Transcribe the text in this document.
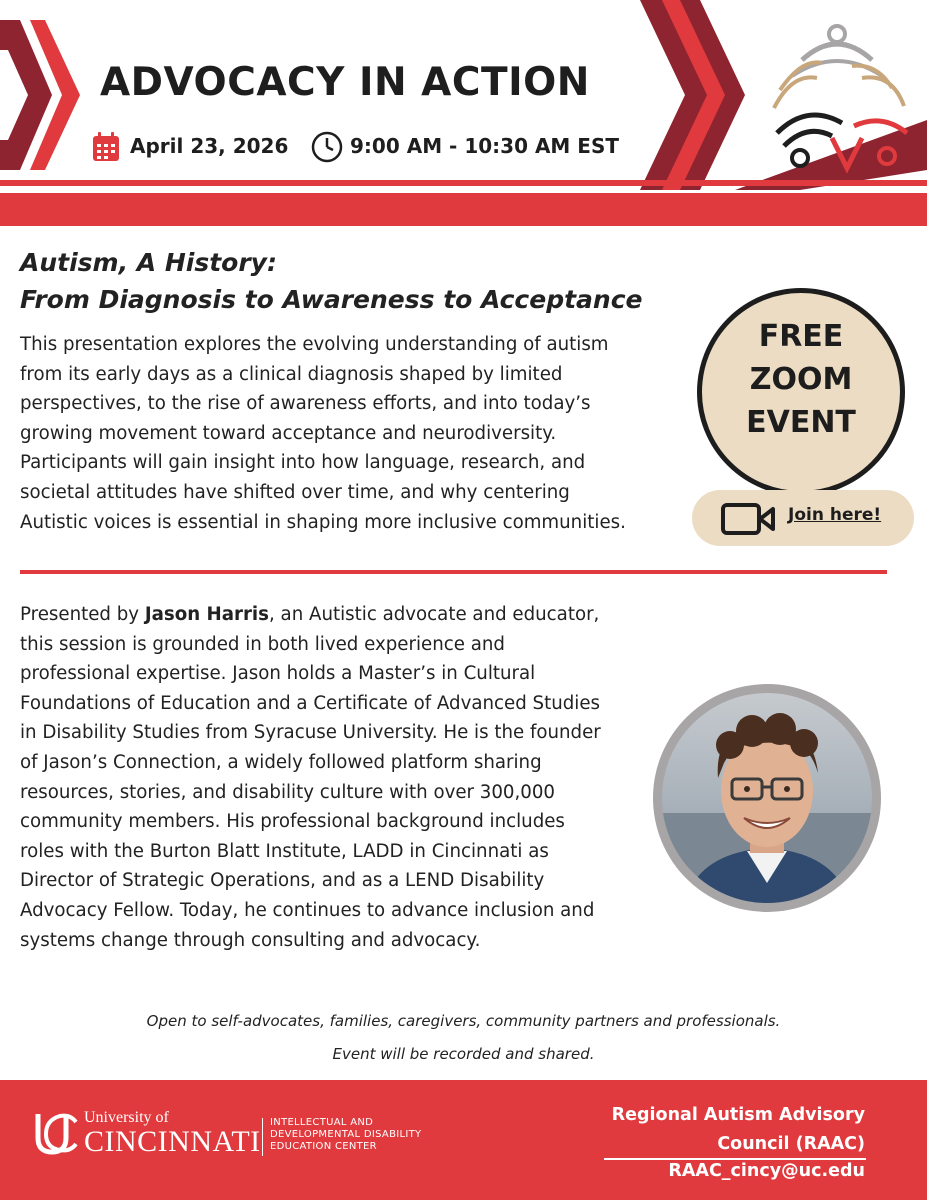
ADVOCACY IN ACTION
April 23, 2026	9:00 AM - 10:30 AM EST
Autism, A History:
From Diagnosis to Awareness to Acceptance
This presentation explores the evolving understanding of autism
from its early days as a clinical diagnosis shaped by limited
perspectives, to the rise of awareness efforts, and into today’s
growing movement toward acceptance and neurodiversity.
Participants will gain insight into how language, research, and
societal attitudes have shifted over time, and why centering
Autistic voices is essential in shaping more inclusive communities.
FREE
ZOOM
EVENT
Join here!
Presented by Jason Harris, an Autistic advocate and educator,
this session is grounded in both lived experience and
professional expertise. Jason holds a Master’s in Cultural
Foundations of Education and a Certificate of Advanced Studies
in Disability Studies from Syracuse University. He is the founder
of Jason’s Connection, a widely followed platform sharing
resources, stories, and disability culture with over 300,000
community members. His professional background includes
roles with the Burton Blatt Institute, LADD in Cincinnati as
Director of Strategic Operations, and as a LEND Disability
Advocacy Fellow. Today, he continues to advance inclusion and
systems change through consulting and advocacy.
Open to self-advocates, families, caregivers, community partners and professionals.
Event will be recorded and shared.
University of
CINCINNATI
INTELLECTUAL AND
DEVELOPMENTAL DISABILITY
EDUCATION CENTER
Regional Autism Advisory
Council (RAAC)
RAAC_cincy@uc.edu
